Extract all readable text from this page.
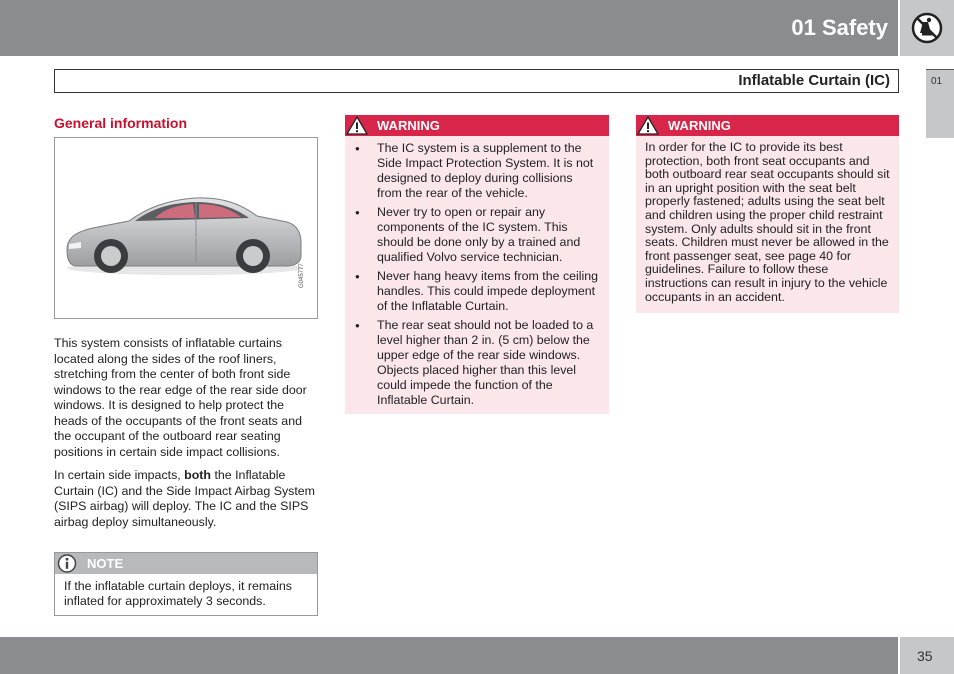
01 Safety
Inflatable Curtain (IC)	01
General information
G045777

This system consists of inflatable curtains located along the sides of the roof liners, stretching from the center of both front side windows to the rear edge of the rear side door windows. It is designed to help protect the heads of the occupants of the front seats and the occupant of the outboard rear seating positions in certain side impact collisions.

In certain side impacts, both the Inflatable Curtain (IC) and the Side Impact Airbag System (SIPS airbag) will deploy. The IC and the SIPS airbag deploy simultaneously.

NOTE
If the inflatable curtain deploys, it remains inflated for approximately 3 seconds.
WARNING
● The IC system is a supplement to the Side Impact Protection System. It is not designed to deploy during collisions from the rear of the vehicle.
● Never try to open or repair any components of the IC system. This should be done only by a trained and qualified Volvo service technician.
● Never hang heavy items from the ceiling handles. This could impede deployment of the Inflatable Curtain.
● The rear seat should not be loaded to a level higher than 2 in. (5 cm) below the upper edge of the rear side windows. Objects placed higher than this level could impede the function of the Inflatable Curtain.
WARNING

In order for the IC to provide its best protection, both front seat occupants and both outboard rear seat occupants should sit in an upright position with the seat belt properly fastened; adults using the seat belt and children using the proper child restraint system. Only adults should sit in the front seats. Children must never be allowed in the front passenger seat, see page 40 for guidelines. Failure to follow these instructions can result in injury to the vehicle occupants in an accident.

35
